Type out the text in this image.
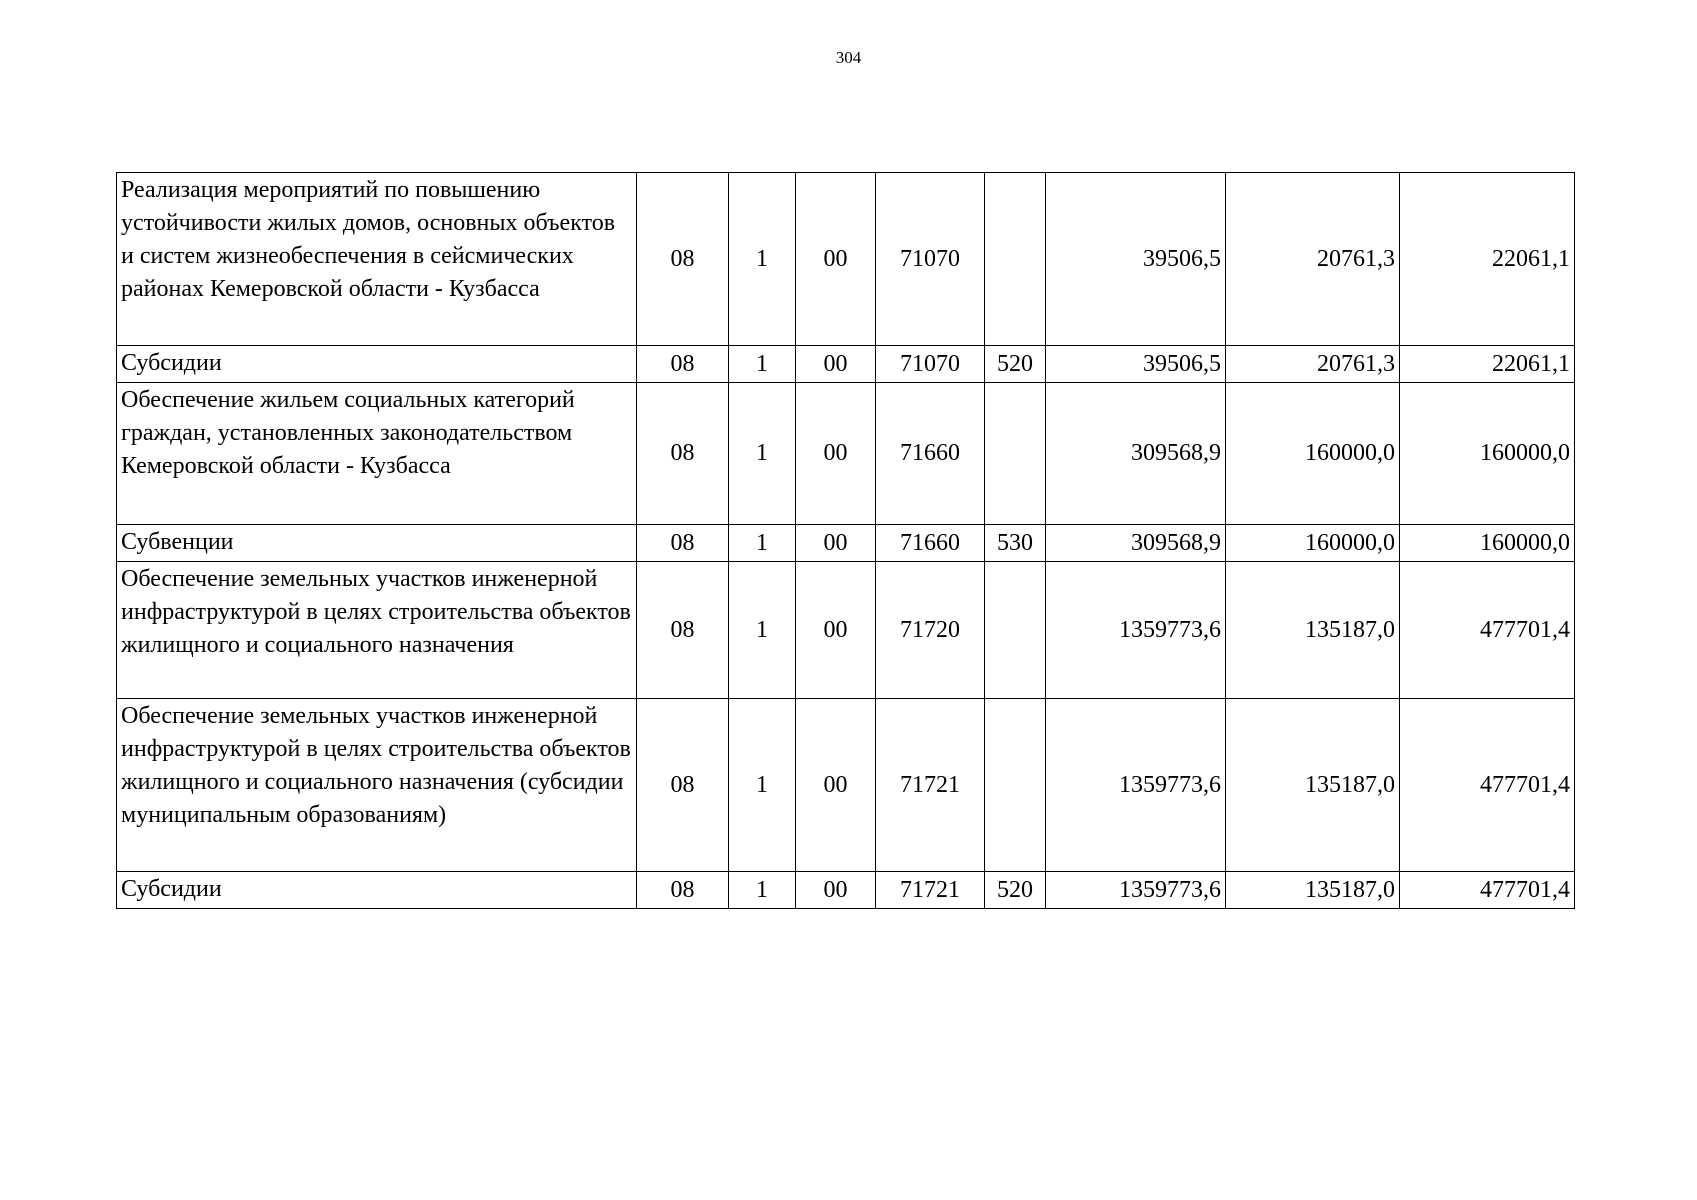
304
Реализация мероприятий по повышению устойчивости жилых домов, основных объектов и систем жизнеобеспечения в сейсмических районах Кемеровской области - Кузбасса	08	1	00	71070		39506,5	20761,3	22061,1
Субсидии	08	1	00	71070	520	39506,5	20761,3	22061,1
Обеспечение жильем социальных категорий граждан, установленных законодательством Кемеровской области - Кузбасса	08	1	00	71660		309568,9	160000,0	160000,0
Субвенции	08	1	00	71660	530	309568,9	160000,0	160000,0
Обеспечение земельных участков инженерной инфраструктурой в целях строительства объектов жилищного и социального назначения	08	1	00	71720		1359773,6	135187,0	477701,4
Обеспечение земельных участков инженерной инфраструктурой в целях строительства объектов жилищного и социального назначения (субсидии муниципальным образованиям)	08	1	00	71721		1359773,6	135187,0	477701,4
Субсидии	08	1	00	71721	520	1359773,6	135187,0	477701,4
